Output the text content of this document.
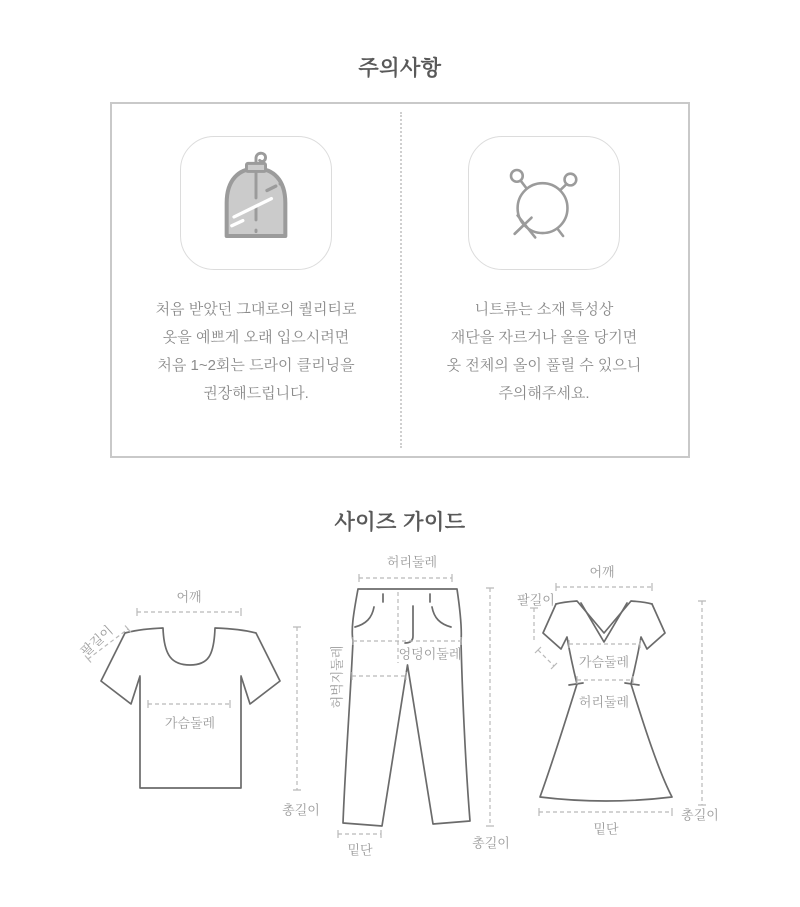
주의사항

처음 받았던 그대로의 퀄리티로
옷을 예쁘게 오래 입으시려면
처음 1~2회는 드라이 클리닝을
권장해드립니다.

니트류는 소재 특성상
재단을 자르거나 올을 당기면
옷 전체의 올이 풀릴 수 있으니
주의해주세요.

사이즈 가이드
어깨
팔길이
가슴둘레
총길이
허리둘레
엉덩이둘레
허벅지둘레
밑단	총길이
어깨
팔길이
가슴둘레
허리둘레
밑단
총길이
